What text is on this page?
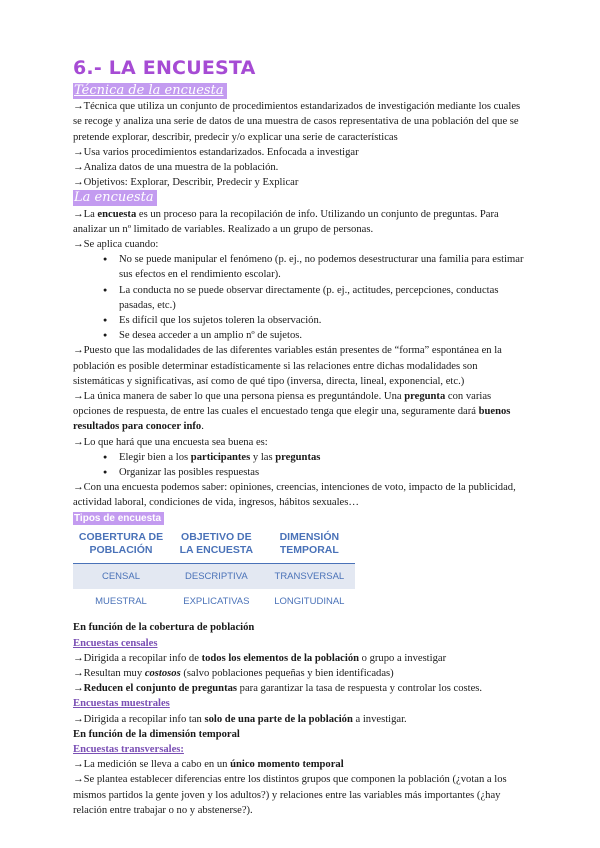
6.- LA ENCUESTA
Técnica de la encuesta

→Técnica que utiliza un conjunto de procedimientos estandarizados de investigación mediante los cuales se recoge y analiza una serie de datos de una muestra de casos representativa de una población del que se pretende explorar, describir, predecir y/o explicar una serie de características

→Usa varios procedimientos estandarizados. Enfocada a investigar

→Analiza datos de una muestra de la población.

→Objetivos: Explorar, Describir, Predecir y Explicar

La encuesta

→La encuesta es un proceso para la recopilación de info. Utilizando un conjunto de preguntas. Para analizar un nº limitado de variables. Realizado a un grupo de personas.

→Se aplica cuando:

● No se puede manipular el fenómeno (p. ej., no podemos desestructurar una familia para estimar sus efectos en el rendimiento escolar).
● La conducta no se puede observar directamente (p. ej., actitudes, percepciones, conductas pasadas, etc.)
● Es difícil que los sujetos toleren la observación.
● Se desea acceder a un amplio nº de sujetos.

→Puesto que las modalidades de las diferentes variables están presentes de “forma” espontánea en la población es posible determinar estadísticamente si las relaciones entre dichas modalidades son sistemáticas y significativas, así como de qué tipo (inversa, directa, lineal, exponencial, etc.)

→La única manera de saber lo que una persona piensa es preguntándole. Una pregunta con varias opciones de respuesta, de entre las cuales el encuestado tenga que elegir una, seguramente dará buenos resultados para conocer info.

→Lo que hará que una encuesta sea buena es:

● Elegir bien a los participantes y las preguntas
● Organizar las posibles respuestas

→Con una encuesta podemos saber: opiniones, creencias, intenciones de voto, impacto de la publicidad, actividad laboral, condiciones de vida, ingresos, hábitos sexuales…

Tipos de encuesta
COBERTURA DE POBLACIÓN	OBJETIVO DE LA ENCUESTA	DIMENSIÓN TEMPORAL
CENSAL	DESCRIPTIVA	TRANSVERSAL
MUESTRAL	EXPLICATIVAS	LONGITUDINAL

En función de la cobertura de población

Encuestas censales

→Dirigida a recopilar info de todos los elementos de la población o grupo a investigar

→Resultan muy costosos (salvo poblaciones pequeñas y bien identificadas)

→Reducen el conjunto de preguntas para garantizar la tasa de respuesta y controlar los costes.

Encuestas muestrales

→Dirigida a recopilar info tan solo de una parte de la población a investigar.

En función de la dimensión temporal

Encuestas transversales:

→La medición se lleva a cabo en un único momento temporal

→Se plantea establecer diferencias entre los distintos grupos que componen la población (¿votan a los mismos partidos la gente joven y los adultos?) y relaciones entre las variables más importantes (¿hay relación entre trabajar o no y abstenerse?).
